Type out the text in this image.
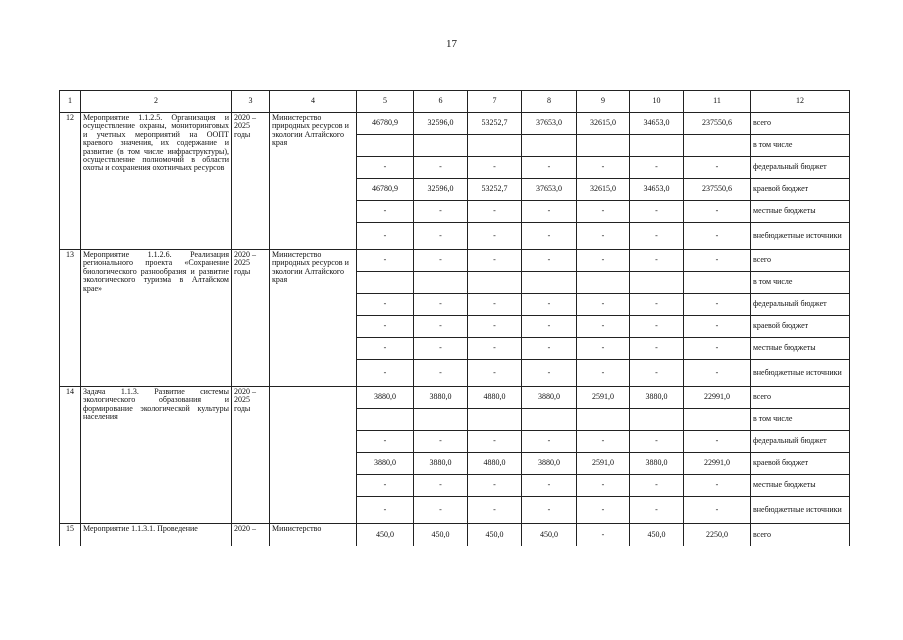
17
1	2	3	4	5	6	7	8	9	10	11	12
12	Мероприятие 1.1.2.5. Организация и осуществление охраны, мониторинговых и учетных мероприятий на ООПТ краевого значения, их содержание и развитие (в том числе инфраструктуры), осуществление полномочий в области охоты и сохранения охотничьих ресурсов	2020 – 2025 годы	Министерство природных ресурсов и экологии Алтайского края	46780,9	32596,0	53252,7	37653,0	32615,0	34653,0	237550,6	всего
											в том числе
				-	-	-	-	-	-	-	федеральный бюджет
				46780,9	32596,0	53252,7	37653,0	32615,0	34653,0	237550,6	краевой бюджет
				-	-	-	-	-	-	-	местные бюджеты
				-	-	-	-	-	-	-	внебюджетные источники
13	Мероприятие 1.1.2.6. Реализация регионального проекта «Сохранение биологического разнообразия и развитие экологического туризма в Алтайском крае»	2020 – 2025 годы	Министерство природных ресурсов и экологии Алтайского края	-	-	-	-	-	-	-	всего
											в том числе
				-	-	-	-	-	-	-	федеральный бюджет
				-	-	-	-	-	-	-	краевой бюджет
				-	-	-	-	-	-	-	местные бюджеты
				-	-	-	-	-	-	-	внебюджетные источники
14	Задача 1.1.3. Развитие системы экологического образования и формирование экологической культуры населения	2020 – 2025 годы		3880,0	3880,0	4880,0	3880,0	2591,0	3880,0	22991,0	всего
											в том числе
				-	-	-	-	-	-	-	федеральный бюджет
				3880,0	3880,0	4880,0	3880,0	2591,0	3880,0	22991,0	краевой бюджет
				-	-	-	-	-	-	-	местные бюджеты
				-	-	-	-	-	-	-	внебюджетные источники
15	Мероприятие 1.1.3.1. Проведение	2020 –	Министерство	450,0	450,0	450,0	450,0	-	450,0	2250,0	всего
